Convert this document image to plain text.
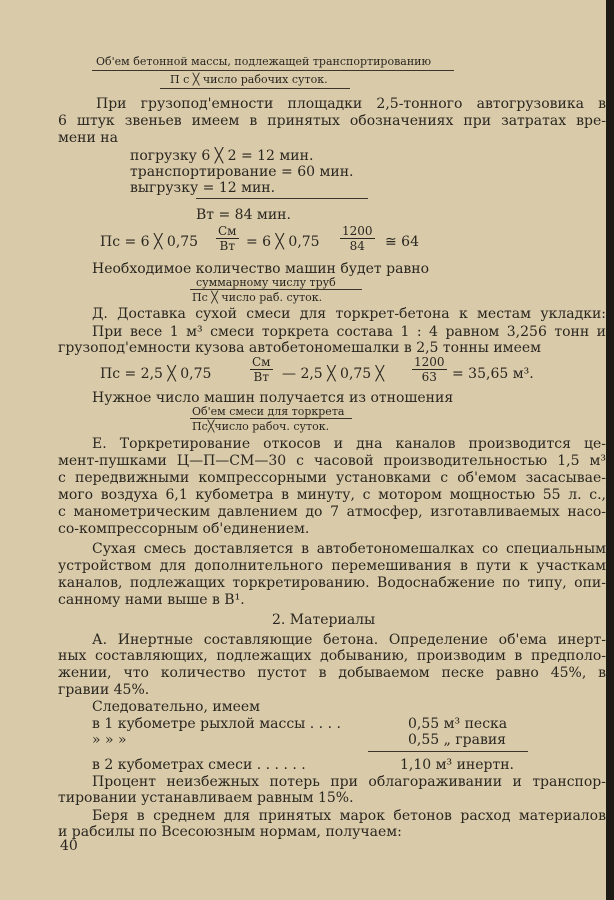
Об'ем бетонной массы, подлежащей транспортированию
П с ╳ число рабочих суток.
При грузопод'емности площадки 2,5-тонного автогрузовика в
6 штук звеньев имеем в принятых обозначениях при затратах вре-
мени на
погрузку 6 ╳ 2 = 12 мин.
транспортирование = 60 мин.
выгрузку = 12 мин.
Вт = 84 мин.
Пс = 6 ╳ 0,75
См
Вт = 6 ╳ $0,75 \frac{1200}{84}$ ≅ 64
Необходимое количество машин будет равно
суммарному числу труб
Пс ╳ число раб. суток.
Д. Доставка сухой смеси для торкрет-бетона к местам укладки:
При весе 1 м³ смеси торкрета состава 1 : 4 равном 3,256 тонн и
грузопод'емности кузова автобетономешалки в 2,5 тонны имеем
Пс = 2,5 ╳ 0,75
См
Вт — 2,5 ╳ 0,75 ╳ $\frac{1200}{63} = 35,65$ м³.
Нужное число машин получается из отношения
Об'ем смеси для торкрета
Пс╳число рабоч. суток.
Е. Торкретирование откосов и дна каналов производится це-
мент-пушками Ц—П—СМ—30 с часовой производительностью 1,5 м³
с передвижными компрессорными установками с об'емом засасывае-
мого воздуха 6,1 кубометра в минуту, с мотором мощностью 55 л. с.,
с манометрическим давлением до 7 атмосфер, изготавливаемых насо-
со-компрессорным об'единением.
Сухая смесь доставляется в автобетономешалках со специальным
устройством для дополнительного перемешивания в пути к участкам
каналов, подлежащих торкретированию. Водоснабжение по типу, опи-
санному нами выше в В¹.
2. Материалы
А. Инертные составляющие бетона. Определение об'ема инерт-
ных составляющих, подлежащих добыванию, производим в предполо-
жении, что количество пустот в добываемом песке равно 45%, в
гравии 45%.
Следовательно, имеем
в 1 кубометре рыхлой массы . . . .	0,55 м³ песка
» » »	0,55 „ гравия
в 2 кубометрах смеси . . . . . .	1,10 м³ инертн.
Процент неизбежных потерь при облагораживании и транспор-
тировании устанавливаем равным 15%.
Беря в среднем для принятых марок бетонов расход материалов
и рабсилы по Всесоюзным нормам, получаем:
40
